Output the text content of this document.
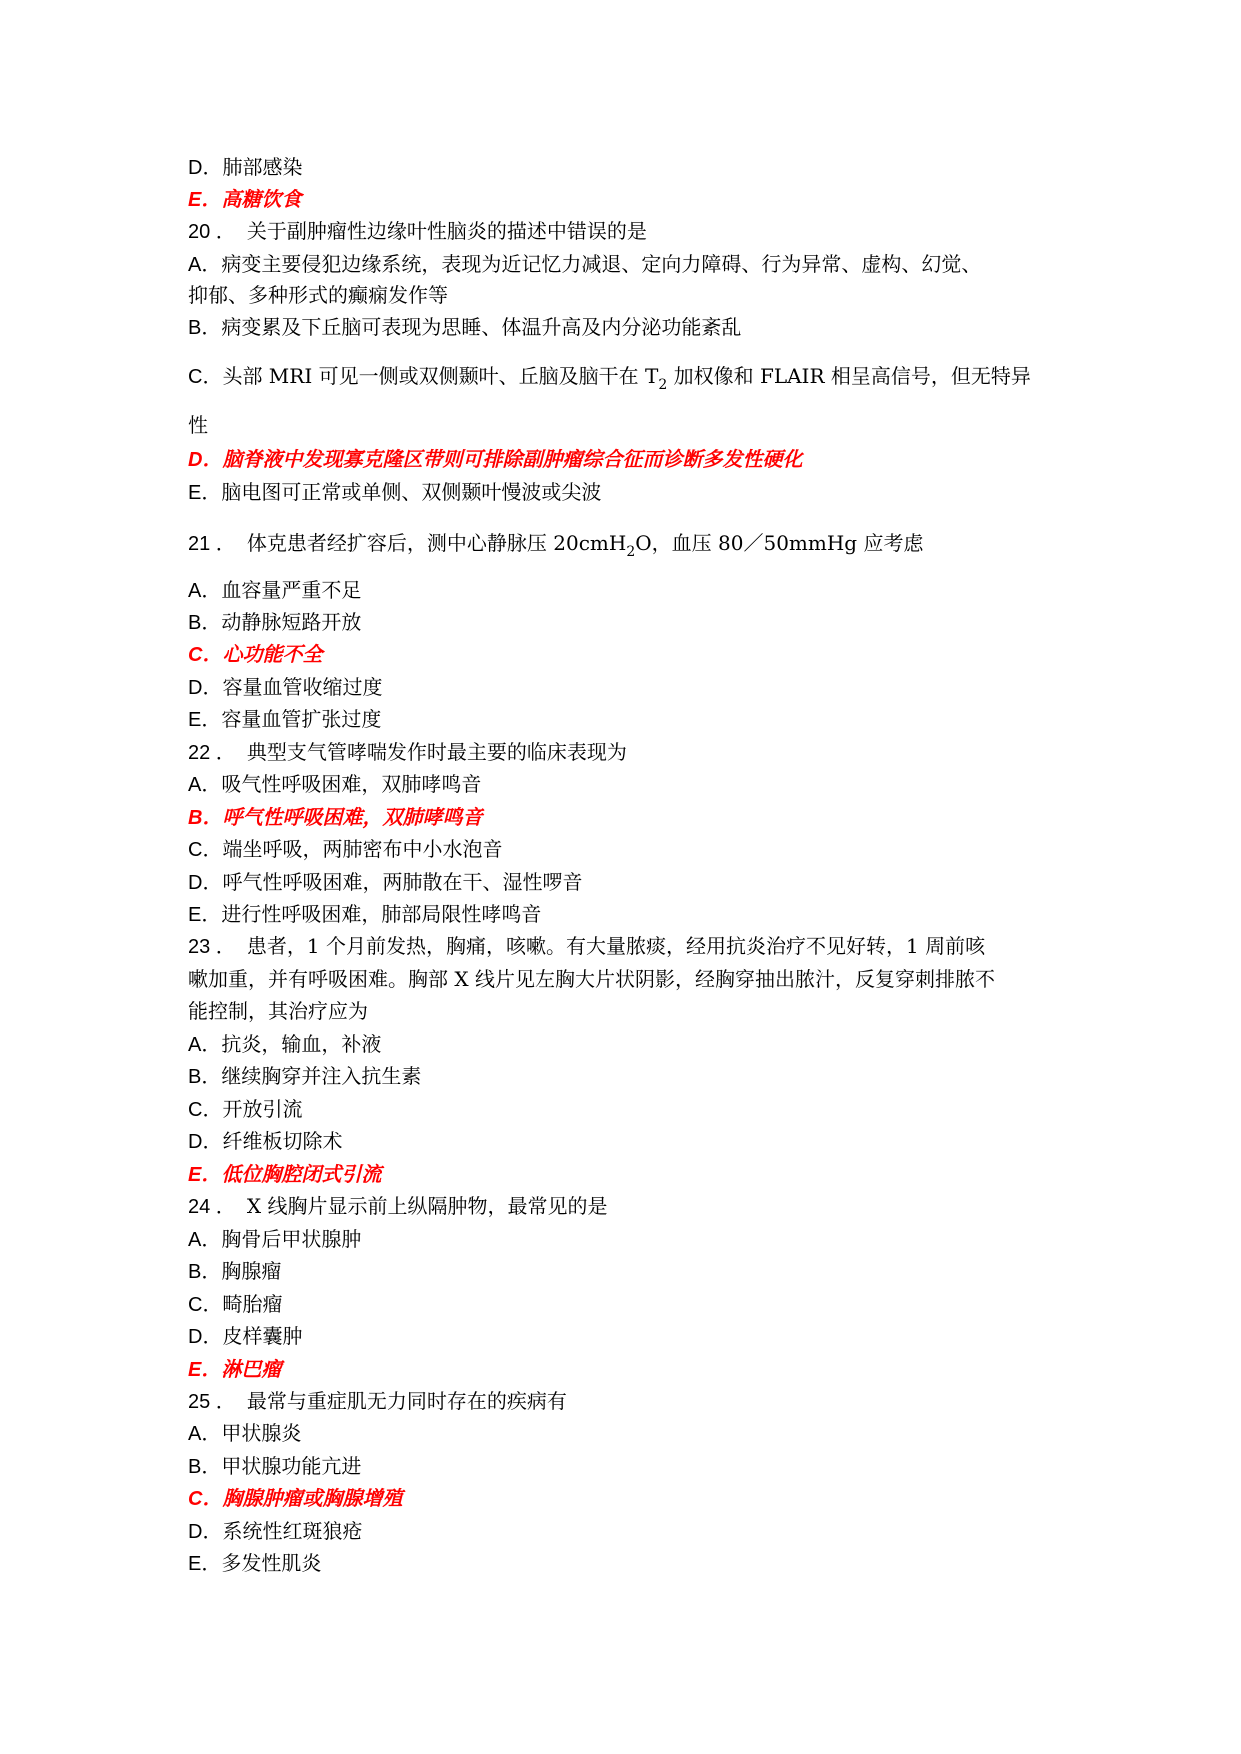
D．肺部感染
E．高糖饮食
20 ．  关于副肿瘤性边缘叶性脑炎的描述中错误的是
A．病变主要侵犯边缘系统，表现为近记忆力减退、定向力障碍、行为异常、虚构、幻觉、
抑郁、多种形式的癫痫发作等
B．病变累及下丘脑可表现为思睡、体温升高及内分泌功能紊乱
C．头部 MRI 可见一侧或双侧颞叶、丘脑及脑干在 $T_2$ 加权像和 FLAIR 相呈高信号，但无特异
性
D．脑脊液中发现寡克隆区带则可排除副肿瘤综合征而诊断多发性硬化
E．脑电图可正常或单侧、双侧颞叶慢波或尖波
21 ．  体克患者经扩容后，测中心静脉压 20cmH$_2$O，血压 80／50mmHg 应考虑
A．血容量严重不足
B．动静脉短路开放
C．心功能不全
D．容量血管收缩过度
E．容量血管扩张过度
22 ．  典型支气管哮喘发作时最主要的临床表现为
A．吸气性呼吸困难，双肺哮鸣音
B．呼气性呼吸困难，双肺哮鸣音
C．端坐呼吸，两肺密布中小水泡音
D．呼气性呼吸困难，两肺散在干、湿性啰音
E．进行性呼吸困难，肺部局限性哮鸣音
23 ．  患者，1 个月前发热，胸痛，咳嗽。有大量脓痰，经用抗炎治疗不见好转，1 周前咳
嗽加重，并有呼吸困难。胸部 X 线片见左胸大片状阴影，经胸穿抽出脓汁，反复穿刺排脓不
能控制，其治疗应为
A．抗炎，输血，补液
B．继续胸穿并注入抗生素
C．开放引流
D．纤维板切除术
E．低位胸腔闭式引流
24 ．  X 线胸片显示前上纵隔肿物，最常见的是
A．胸骨后甲状腺肿
B．胸腺瘤
C．畸胎瘤
D．皮样囊肿
E．淋巴瘤
25 ．  最常与重症肌无力同时存在的疾病有
A．甲状腺炎
B．甲状腺功能亢进
C．胸腺肿瘤或胸腺增殖
D．系统性红斑狼疮
E．多发性肌炎
